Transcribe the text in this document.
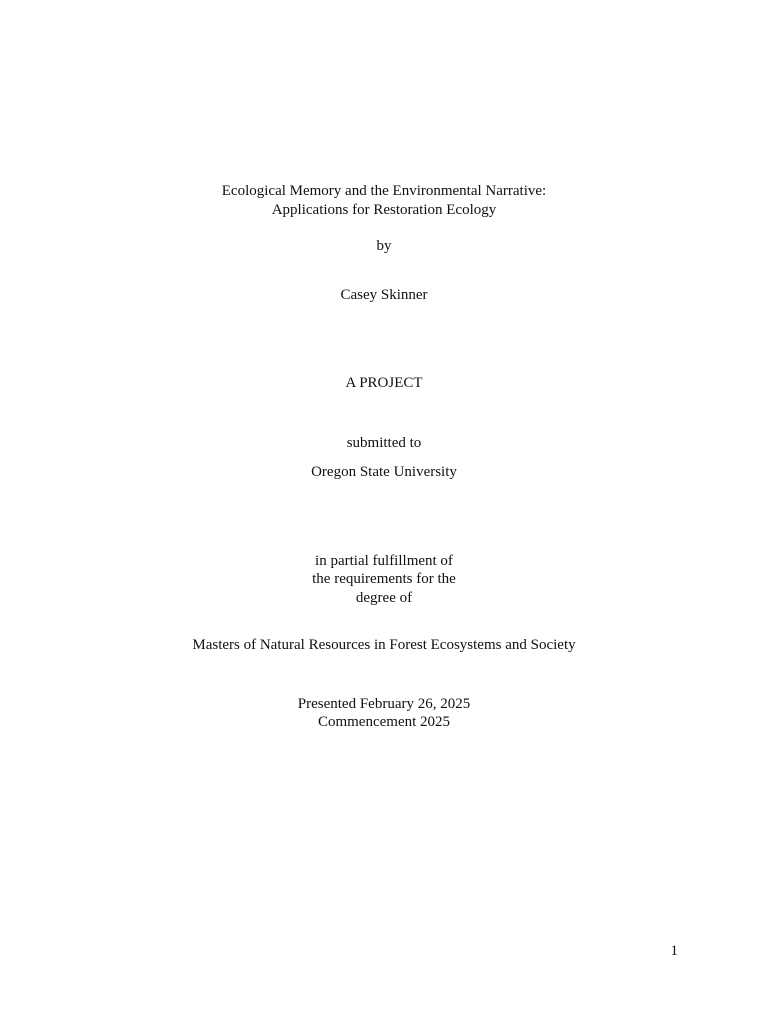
Ecological Memory and the Environmental Narrative:
Applications for Restoration Ecology
by
Casey Skinner
A PROJECT
submitted to
Oregon State University
in partial fulfillment of
the requirements for the
degree of
Masters of Natural Resources in Forest Ecosystems and Society
Presented February 26, 2025
Commencement 2025
1
